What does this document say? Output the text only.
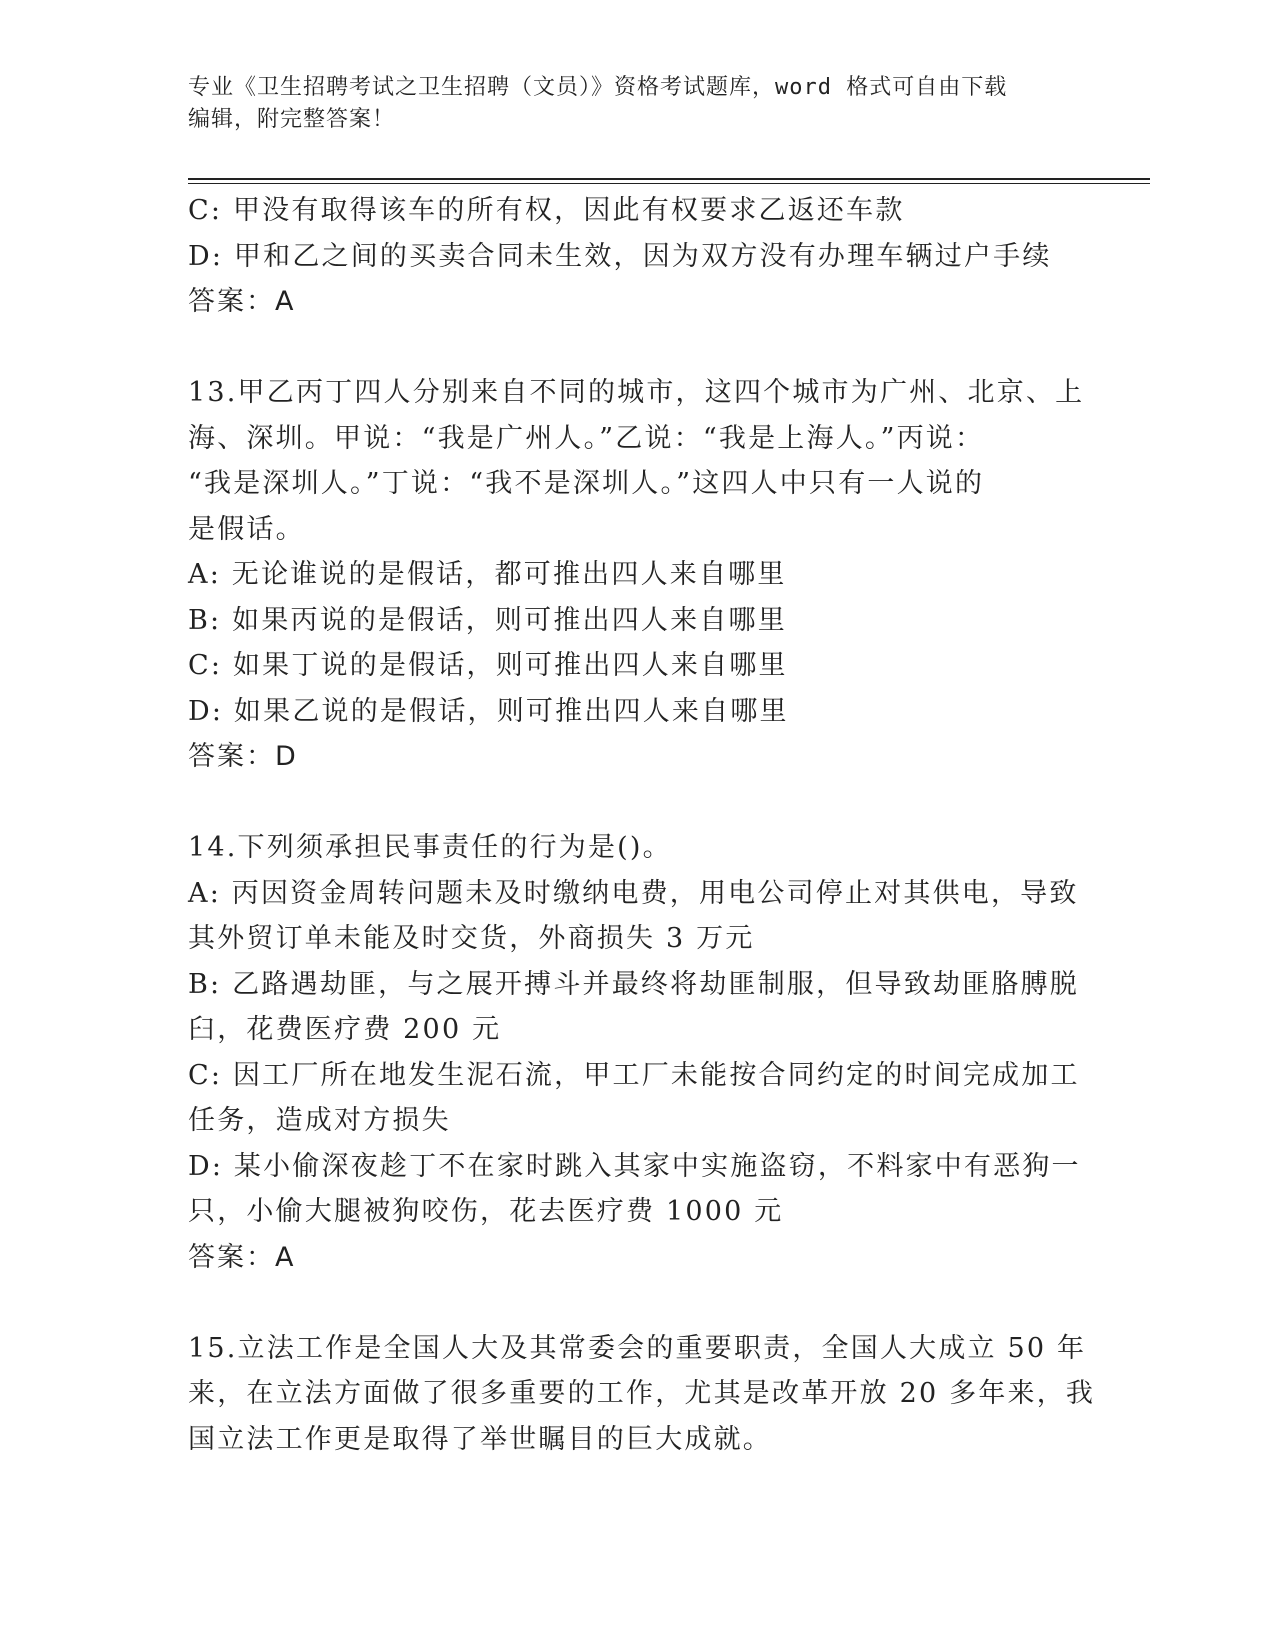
专业《卫生招聘考试之卫生招聘（文员）》资格考试题库，word 格式可自由下载
编辑，附完整答案！
C: 甲没有取得该车的所有权，因此有权要求乙返还车款
D: 甲和乙之间的买卖合同未生效，因为双方没有办理车辆过户手续
答案：A
13.甲乙丙丁四人分别来自不同的城市，这四个城市为广州、北京、上
海、深圳。甲说：“我是广州人。”乙说：“我是上海人。”丙说：
“我是深圳人。”丁说：“我不是深圳人。”这四人中只有一人说的
是假话。
A: 无论谁说的是假话，都可推出四人来自哪里
B: 如果丙说的是假话，则可推出四人来自哪里
C: 如果丁说的是假话，则可推出四人来自哪里
D: 如果乙说的是假话，则可推出四人来自哪里
答案：D
14.下列须承担民事责任的行为是()。
A: 丙因资金周转问题未及时缴纳电费，用电公司停止对其供电，导致
其外贸订单未能及时交货，外商损失 3 万元
B: 乙路遇劫匪，与之展开搏斗并最终将劫匪制服，但导致劫匪胳膊脱
臼，花费医疗费 200 元
C: 因工厂所在地发生泥石流，甲工厂未能按合同约定的时间完成加工
任务，造成对方损失
D: 某小偷深夜趁丁不在家时跳入其家中实施盗窃，不料家中有恶狗一
只，小偷大腿被狗咬伤，花去医疗费 1000 元
答案：A
15.立法工作是全国人大及其常委会的重要职责，全国人大成立 50 年
来，在立法方面做了很多重要的工作，尤其是改革开放 20 多年来，我
国立法工作更是取得了举世瞩目的巨大成就。
